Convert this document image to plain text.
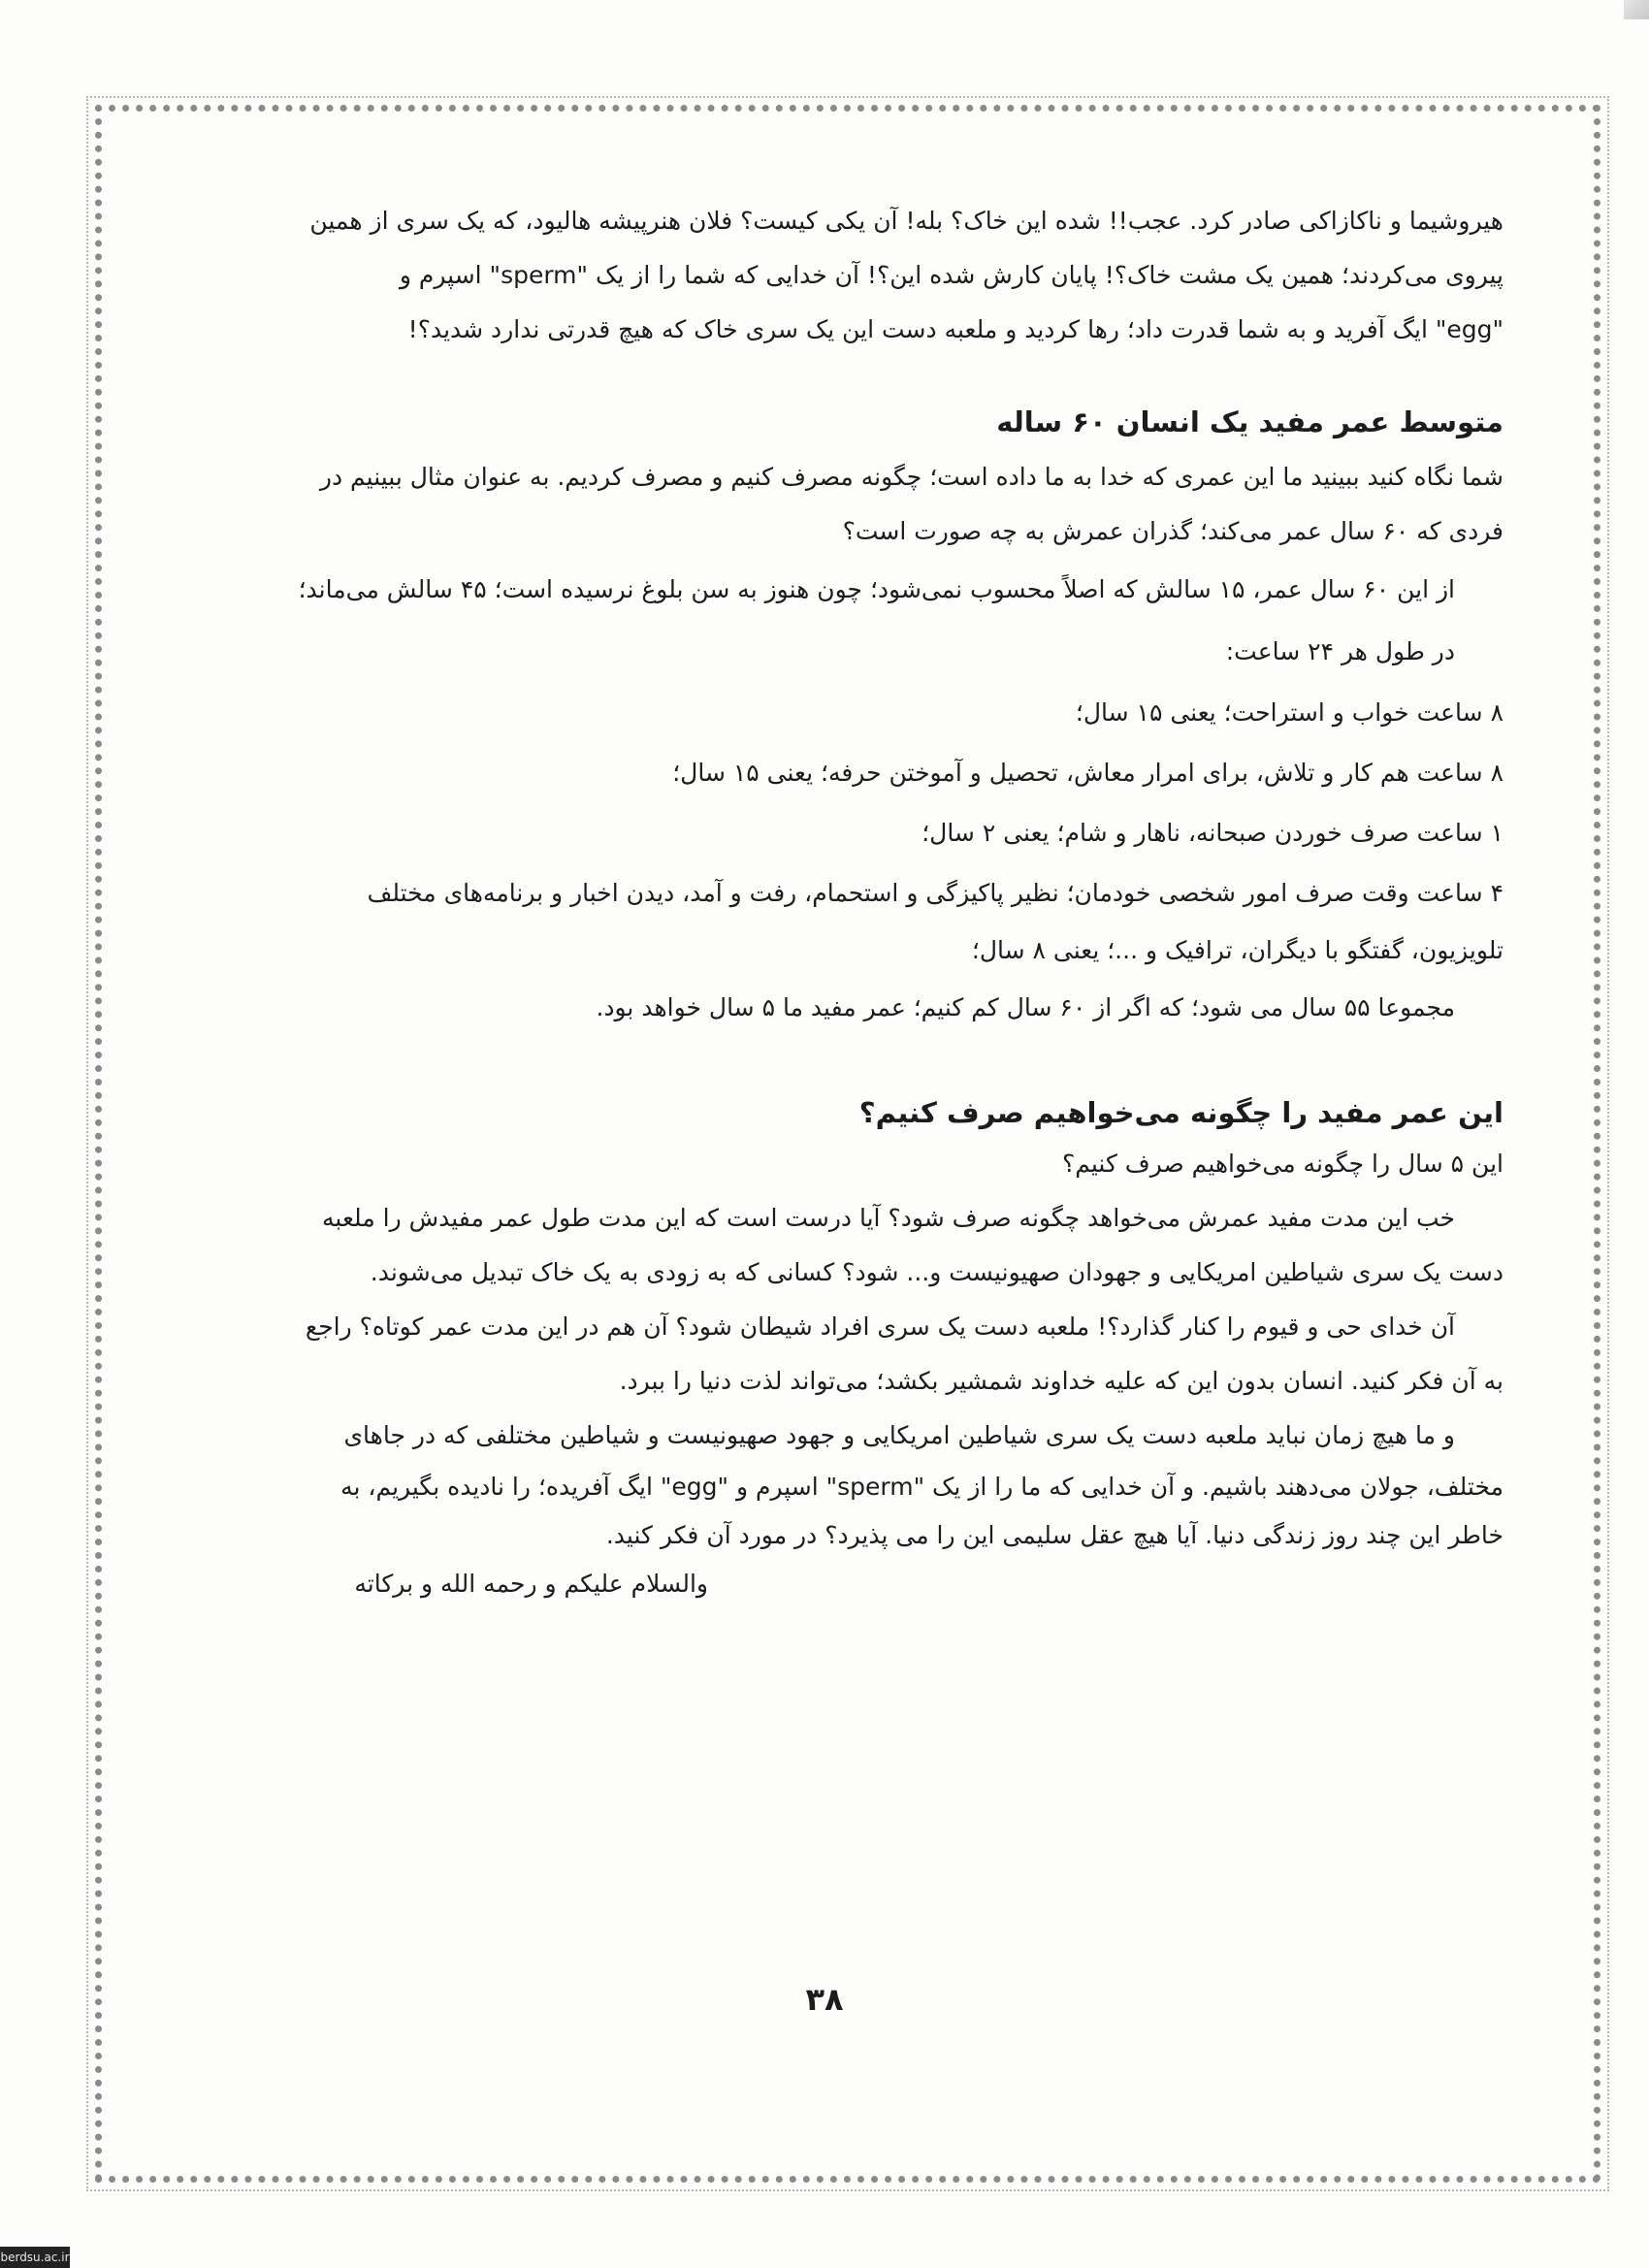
هیروشیما و ناکازاکی صادر کرد. عجب!! شده این خاک؟ بله! آن یکی کیست؟ فلان هنرپیشه هالیود، که یک سری از همین

پیروی می‌کردند؛ همین یک مشت خاک؟! پایان کارش شده این؟! آن خدایی که شما را از یک "sperm" اسپرم و

"egg" ایگ آفرید و به شما قدرت داد؛ رها کردید و ملعبه دست این یک سری خاک که هیچ قدرتی ندارد شدید؟!

متوسط عمر مفید یک انسان ۶۰ ساله

شما نگاه کنید ببینید ما این عمری که خدا به ما داده است؛ چگونه مصرف کنیم و مصرف کردیم. به عنوان مثال ببینیم در

فردی که ۶۰ سال عمر می‌کند؛ گذران عمرش به چه صورت است؟

از این ۶۰ سال عمر، ۱۵ سالش که اصلاً محسوب نمی‌شود؛ چون هنوز به سن بلوغ نرسیده است؛ ۴۵ سالش می‌ماند؛

در طول هر ۲۴ ساعت:

۸ ساعت خواب و استراحت؛ یعنی ۱۵ سال؛

۸ ساعت هم کار و تلاش، برای امرار معاش، تحصیل و آموختن حرفه؛ یعنی ۱۵ سال؛

۱ ساعت صرف خوردن صبحانه، ناهار و شام؛ یعنی ۲ سال؛

۴ ساعت وقت صرف امور شخصی خودمان؛ نظیر پاکیزگی و استحمام، رفت و آمد، دیدن اخبار و برنامه‌های مختلف

تلویزیون، گفتگو با دیگران، ترافیک و ...؛ یعنی ۸ سال؛

مجموعا ۵۵ سال می شود؛ که اگر از ۶۰ سال کم کنیم؛ عمر مفید ما ۵ سال خواهد بود.

این عمر مفید را چگونه می‌خواهیم صرف کنیم؟

این ۵ سال را چگونه می‌خواهیم صرف کنیم؟

خب این مدت مفید عمرش می‌خواهد چگونه صرف شود؟ آیا درست است که این مدت طول عمر مفیدش را ملعبه

دست یک سری شیاطین امریکایی و جهودان صهیونیست و... شود؟ کسانی که به زودی به یک خاک تبدیل می‌شوند.

آن خدای حی و قیوم را کنار گذارد؟! ملعبه دست یک سری افراد شیطان شود؟ آن هم در این مدت عمر کوتاه؟ راجع

به آن فکر کنید. انسان بدون این که علیه خداوند شمشیر بکشد؛ می‌تواند لذت دنیا را ببرد.

و ما هیچ زمان نباید ملعبه دست یک سری شیاطین امریکایی و جهود صهیونیست و شیاطین مختلفی که در جاهای

مختلف، جولان می‌دهند باشیم. و آن خدایی که ما را از یک "sperm" اسپرم و "egg" ایگ آفریده؛ را نادیده بگیریم، به

خاطر این چند روز زندگی دنیا. آیا هیچ عقل سلیمی این را می پذیرد؟ در مورد آن فکر کنید.

والسلام علیکم و رحمه الله و برکاته

۳۸
berdsu.ac.ir
